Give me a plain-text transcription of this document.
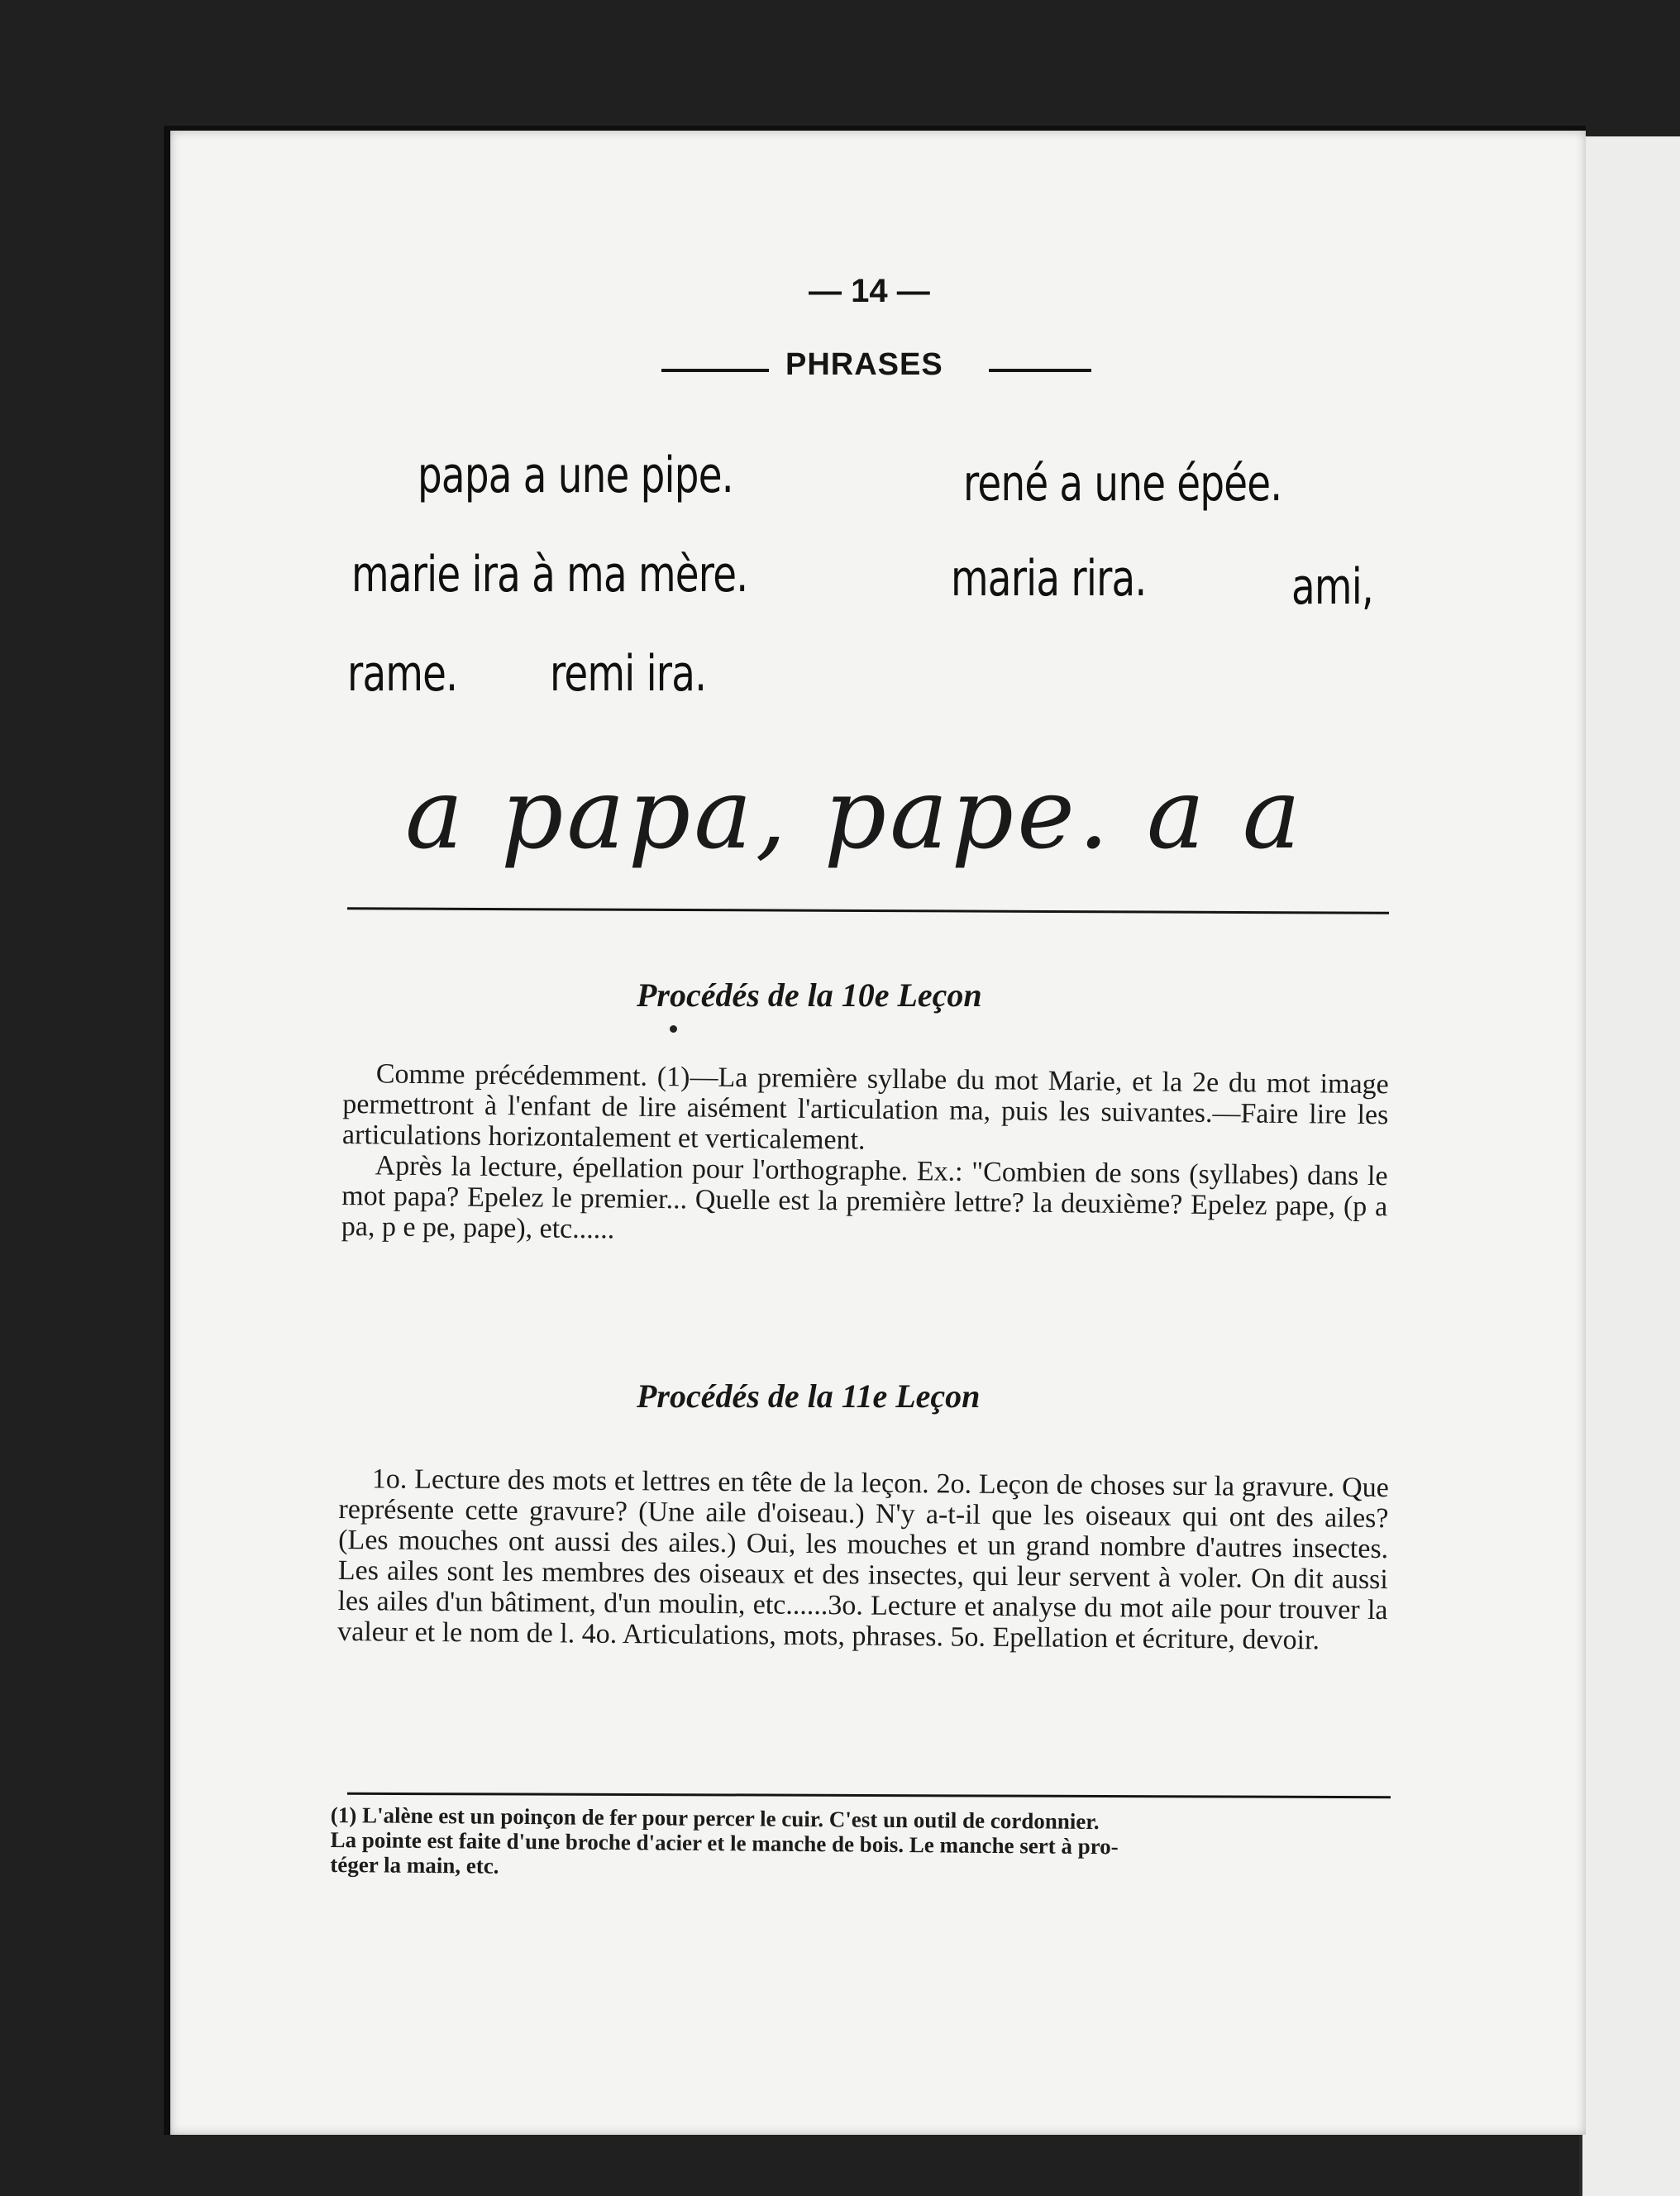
— 14 —
PHRASES
papa a une pipe.	rené a une épée.
marie ira à ma mère.	maria rira.	ami,
rame. remi ira.
a papa, pape. a a
Procédés de la 10e Leçon

Comme précédemment. (1)—La première syllabe du mot Marie, et la 2e du mot image permettront à l'enfant de lire aisément l'articulation ma, puis les suivantes.—Faire lire les articulations horizontalement et verticalement.

Après la lecture, épellation pour l'orthographe. Ex.: "Combien de sons (syllabes) dans le mot papa? Epelez le premier... Quelle est la première lettre? la deuxième? Epelez pape, (p a pa, p e pe, pape), etc......

Procédés de la 11e Leçon

1o. Lecture des mots et lettres en tête de la leçon. 2o. Leçon de choses sur la gravure. Que représente cette gravure? (Une aile d'oiseau.) N'y a-t-il que les oiseaux qui ont des ailes? (Les mouches ont aussi des ailes.) Oui, les mouches et un grand nombre d'autres insectes. Les ailes sont les membres des oiseaux et des insectes, qui leur servent à voler. On dit aussi les ailes d'un bâtiment, d'un moulin, etc......3o. Lecture et analyse du mot aile pour trouver la valeur et le nom de l. 4o. Articulations, mots, phrases. 5o. Epellation et écriture, devoir.

(1) L'alène est un poinçon de fer pour percer le cuir. C'est un outil de cordonnier.
La pointe est faite d'une broche d'acier et le manche de bois. Le manche sert à pro-
téger la main, etc.
